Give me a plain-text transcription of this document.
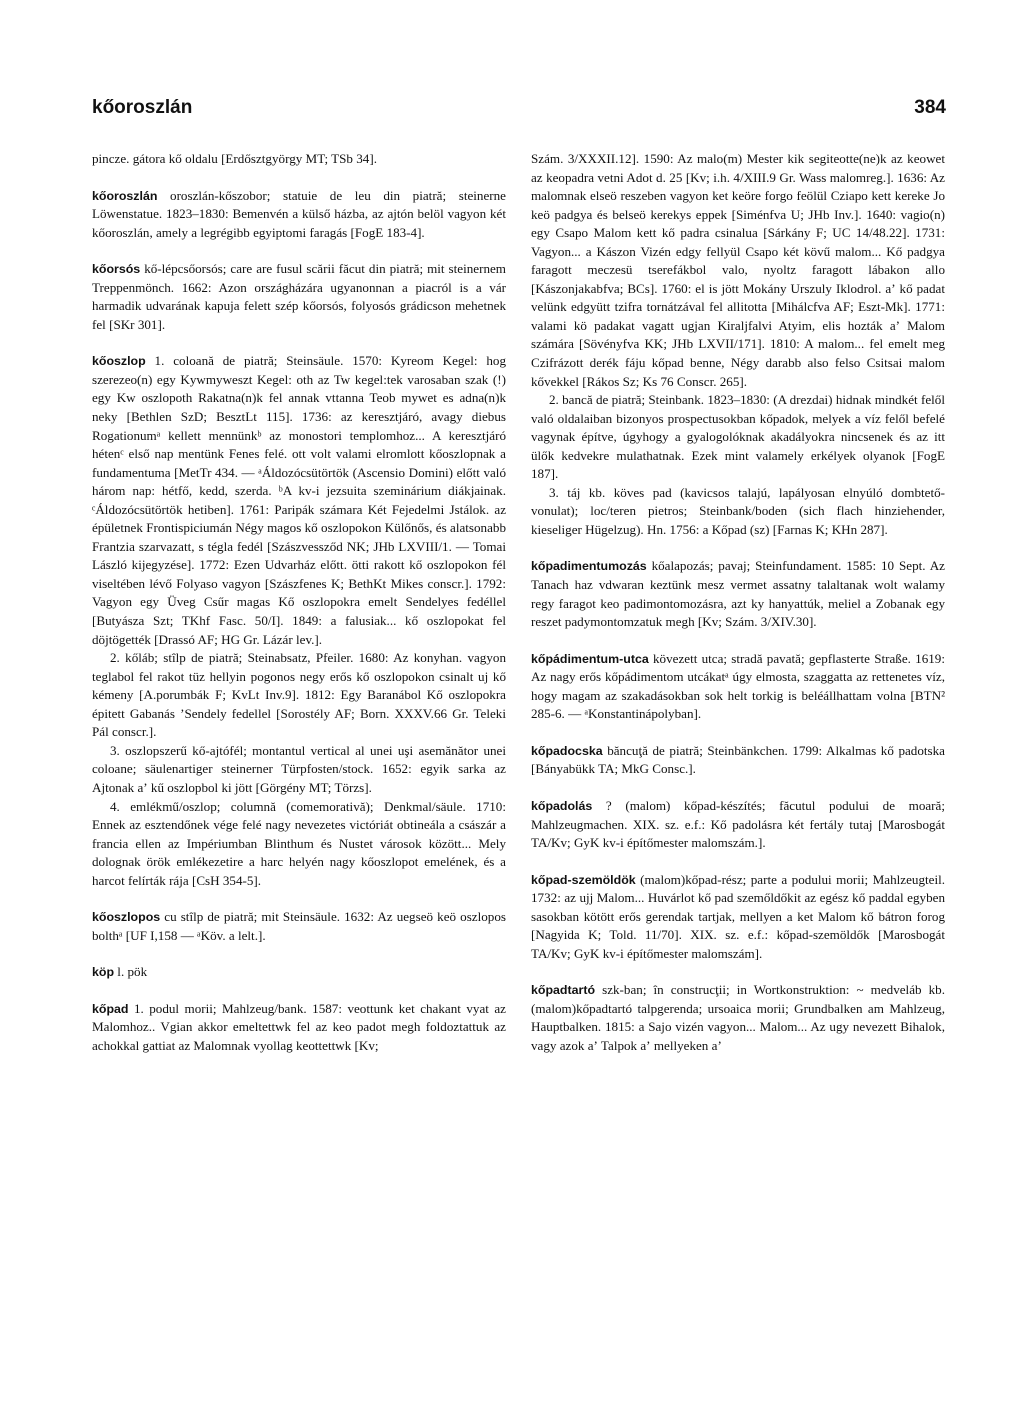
kőoroszlán	384

pincze. gátora kő oldalu [Erdősztgyörgy MT; TSb 34].

kőoroszlán oroszlán-kőszobor; statuie de leu din piatră; steinerne Löwenstatue. 1823–1830: Bemenvén a külső házba, az ajtón belöl vagyon két kőoroszlán, amely a legrégibb egyiptomi faragás [FogE 183-4].

kőorsós kő-lépcsőorsós; care are fusul scării făcut din piatră; mit steinernem Treppenmönch. 1662: Azon országházára ugyanonnan a piacról is a vár harmadik udvarának kapuja felett szép kőorsós, folyosós grádicson mehetnek fel [SKr 301].

kőoszlop 1. coloană de piatră; Steinsäule. 1570: Kyreom Kegel: hog szerezeo(n) egy Kywmyweszt Kegel: oth az Tw kegel:tek varosaban szak (!) egy Kw oszlopoth Rakatna(n)k fel annak vttanna Teob mywet es adna(n)k neky [Bethlen SzD; BesztLt 115]. 1736: az keresztjáró, avagy diebus Rogationumᵃ kellett mennünkᵇ az monostori templomhoz... A keresztjáró hétenᶜ első nap mentünk Fenes felé. ott volt valami elromlott kőoszlopnak a fundamentuma [MetTr 434. — ᵃÁldozócsütörtök (Ascensio Domini) előtt való három nap: hétfő, kedd, szerda. ᵇA kv-i jezsuita szeminárium diákjainak. ᶜÁldozócsütörtök hetiben]. 1761: Paripák számara Két Fejedelmi Jstálok. az épületnek Frontispiciumán Négy magos kő oszlopokon Külőnős, és alatsonabb Frantzia szarvazatt, s tégla fedél [Szászvessződ NK; JHb LXVIII/1. — Tomai László kijegyzése]. 1772: Ezen Udvarház előtt. ötti rakott kő oszlopokon fél viseltében lévő Folyaso vagyon [Szászfenes K; BethKt Mikes conscr.]. 1792: Vagyon egy Üveg Csűr magas Kő oszlopokra emelt Sendelyes fedéllel [Butyásza Szt; TKhf Fasc. 50/I]. 1849: a falusiak... kő oszlopokat fel döjtögették [Drassó AF; HG Gr. Lázár lev.].

2. kőláb; stîlp de piatră; Steinabsatz, Pfeiler. 1680: Az konyhan. vagyon teglabol fel rakot tüz hellyin pogonos negy erős kő oszlopokon csinalt uj kő kémeny [A.porumbák F; KvLt Inv.9]. 1812: Egy Baranábol Kő oszlopokra épitett Gabanás ʼSendely fedellel [Sorostély AF; Born. XXXV.66 Gr. Teleki Pál conscr.].

3. oszlopszerű kő-ajtófél; montantul vertical al unei uşi asemănător unei coloane; säulenartiger steinerner Türpfosten/stock. 1652: egyik sarka az Ajtonak aʼ kű oszlopbol ki jött [Görgény MT; Törzs].

4. emlékmű/oszlop; columnă (comemorativă); Denkmal/säule. 1710: Ennek az esztendőnek vége felé nagy nevezetes victóriát obtineála a császár a francia ellen az Impériumban Blinthum és Nustet városok között... Mely dolognak örök emlékezetire a harc helyén nagy kőoszlopot emelének, és a harcot felírták rája [CsH 354-5].

kőoszlopos cu stîlp de piatră; mit Steinsäule. 1632: Az uegseö keö oszlopos bolthᵃ [UF I,158 — ᵃKöv. a lelt.].

köp l. pök

kőpad 1. podul morii; Mahlzeug/bank. 1587: veottunk ket chakant vyat az Malomhoz.. Vgian akkor emeltettwk fel az keo padot megh foldoztattuk az achokkal gattiat az Malomnak vyollag keottettwk [Kv;

Szám. 3/XXXII.12]. 1590: Az malo(m) Mester kik segiteotte(ne)k az keowet az keopadra vetni Adot d. 25 [Kv; i.h. 4/XIII.9 Gr. Wass malomreg.]. 1636: Az malomnak elseö reszeben vagyon ket keöre forgo feölül Cziapo kett kereke Jo keö padgya és belseö kerekys eppek [Siménfva U; JHb Inv.]. 1640: vagio(n) egy Csapo Malom kett kő padra csinalua [Sárkány F; UC 14/48.22]. 1731: Vagyon... a Kászon Vizén edgy fellyül Csapo két kövű malom... Kő padgya faragott meczesü tserefákbol valo, nyoltz faragott lábakon allo [Kászonjakabfva; BCs]. 1760: el is jött Mokány Urszuly Iklodrol. aʼ kő padat velünk edgyütt tzifra tornátzával fel allitotta [Mihálcfva AF; Eszt-Mk]. 1771: valami kö padakat vagatt ugjan Kiraljfalvi Atyim, elis hozták aʼ Malom számára [Sövényfva KK; JHb LXVII/171]. 1810: A malom... fel emelt meg Czifrázott derék fáju kőpad benne, Négy darabb also felso Csitsai malom kővekkel [Rákos Sz; Ks 76 Conscr. 265].

2. bancă de piatră; Steinbank. 1823–1830: (A drezdai) hidnak mindkét felől való oldalaiban bizonyos prospectusokban kőpadok, melyek a víz felől befelé vagynak építve, úgyhogy a gyalogolóknak akadályokra nincsenek és az itt ülők kedvekre mulathatnak. Ezek mint valamely erkélyek olyanok [FogE 187].

3. táj kb. köves pad (kavicsos talajú, lapályosan elnyúló dombtető-vonulat); loc/teren pietros; Steinbank/boden (sich flach hinziehender, kieseliger Hügelzug). Hn. 1756: a Kőpad (sz) [Farnas K; KHn 287].

kőpadimentumozás kőalapozás; pavaj; Steinfundament. 1585: 10 Sept. Az Tanach haz vdwaran keztünk mesz vermet assatny talaltanak wolt walamy regy faragot keo padimontomozásra, azt ky hanyattúk, meliel a Zobanak egy reszet padymontomzatuk megh [Kv; Szám. 3/XIV.30].

kőpádimentum-utca kövezett utca; stradă pavată; gepflasterte Straße. 1619: Az nagy erős kőpádimentom utcákatᵃ úgy elmosta, szaggatta az rettenetes víz, hogy magam az szakadásokban sok helt torkig is beléállhattam volna [BTN² 285-6. — ᵃKonstantinápolyban].

kőpadocska băncuţă de piatră; Steinbänkchen. 1799: Alkalmas kő padotska [Bányabükk TA; MkG Consc.].

kőpadolás ? (malom) kőpad-készítés; făcutul podului de moară; Mahlzeugmachen. XIX. sz. e.f.: Kő padolásra két fertály tutaj [Marosbogát TA/Kv; GyK kv-i építőmester malomszám.].

kőpad-szemöldök (malom)kőpad-rész; parte a podului morii; Mahlzeugteil. 1732: az ujj Malom... Huvárlot kő pad szemőldőkit az egész kő paddal egyben sasokban kötött erős gerendak tartjak, mellyen a ket Malom kő bátron forog [Nagyida K; Told. 11/70]. XIX. sz. e.f.: kőpad-szemöldők [Marosbogát TA/Kv; GyK kv-i építőmester malomszám].

kőpadtartó szk-ban; în construcţii; in Wortkonstruktion: ~ medveláb kb. (malom)kőpadtartó talpgerenda; ursoaica morii; Grundbalken am Mahlzeug, Hauptbalken. 1815: a Sajo vizén vagyon... Malom... Az ugy nevezett Bihalok, vagy azok aʼ Talpok aʼ mellyeken aʼ
